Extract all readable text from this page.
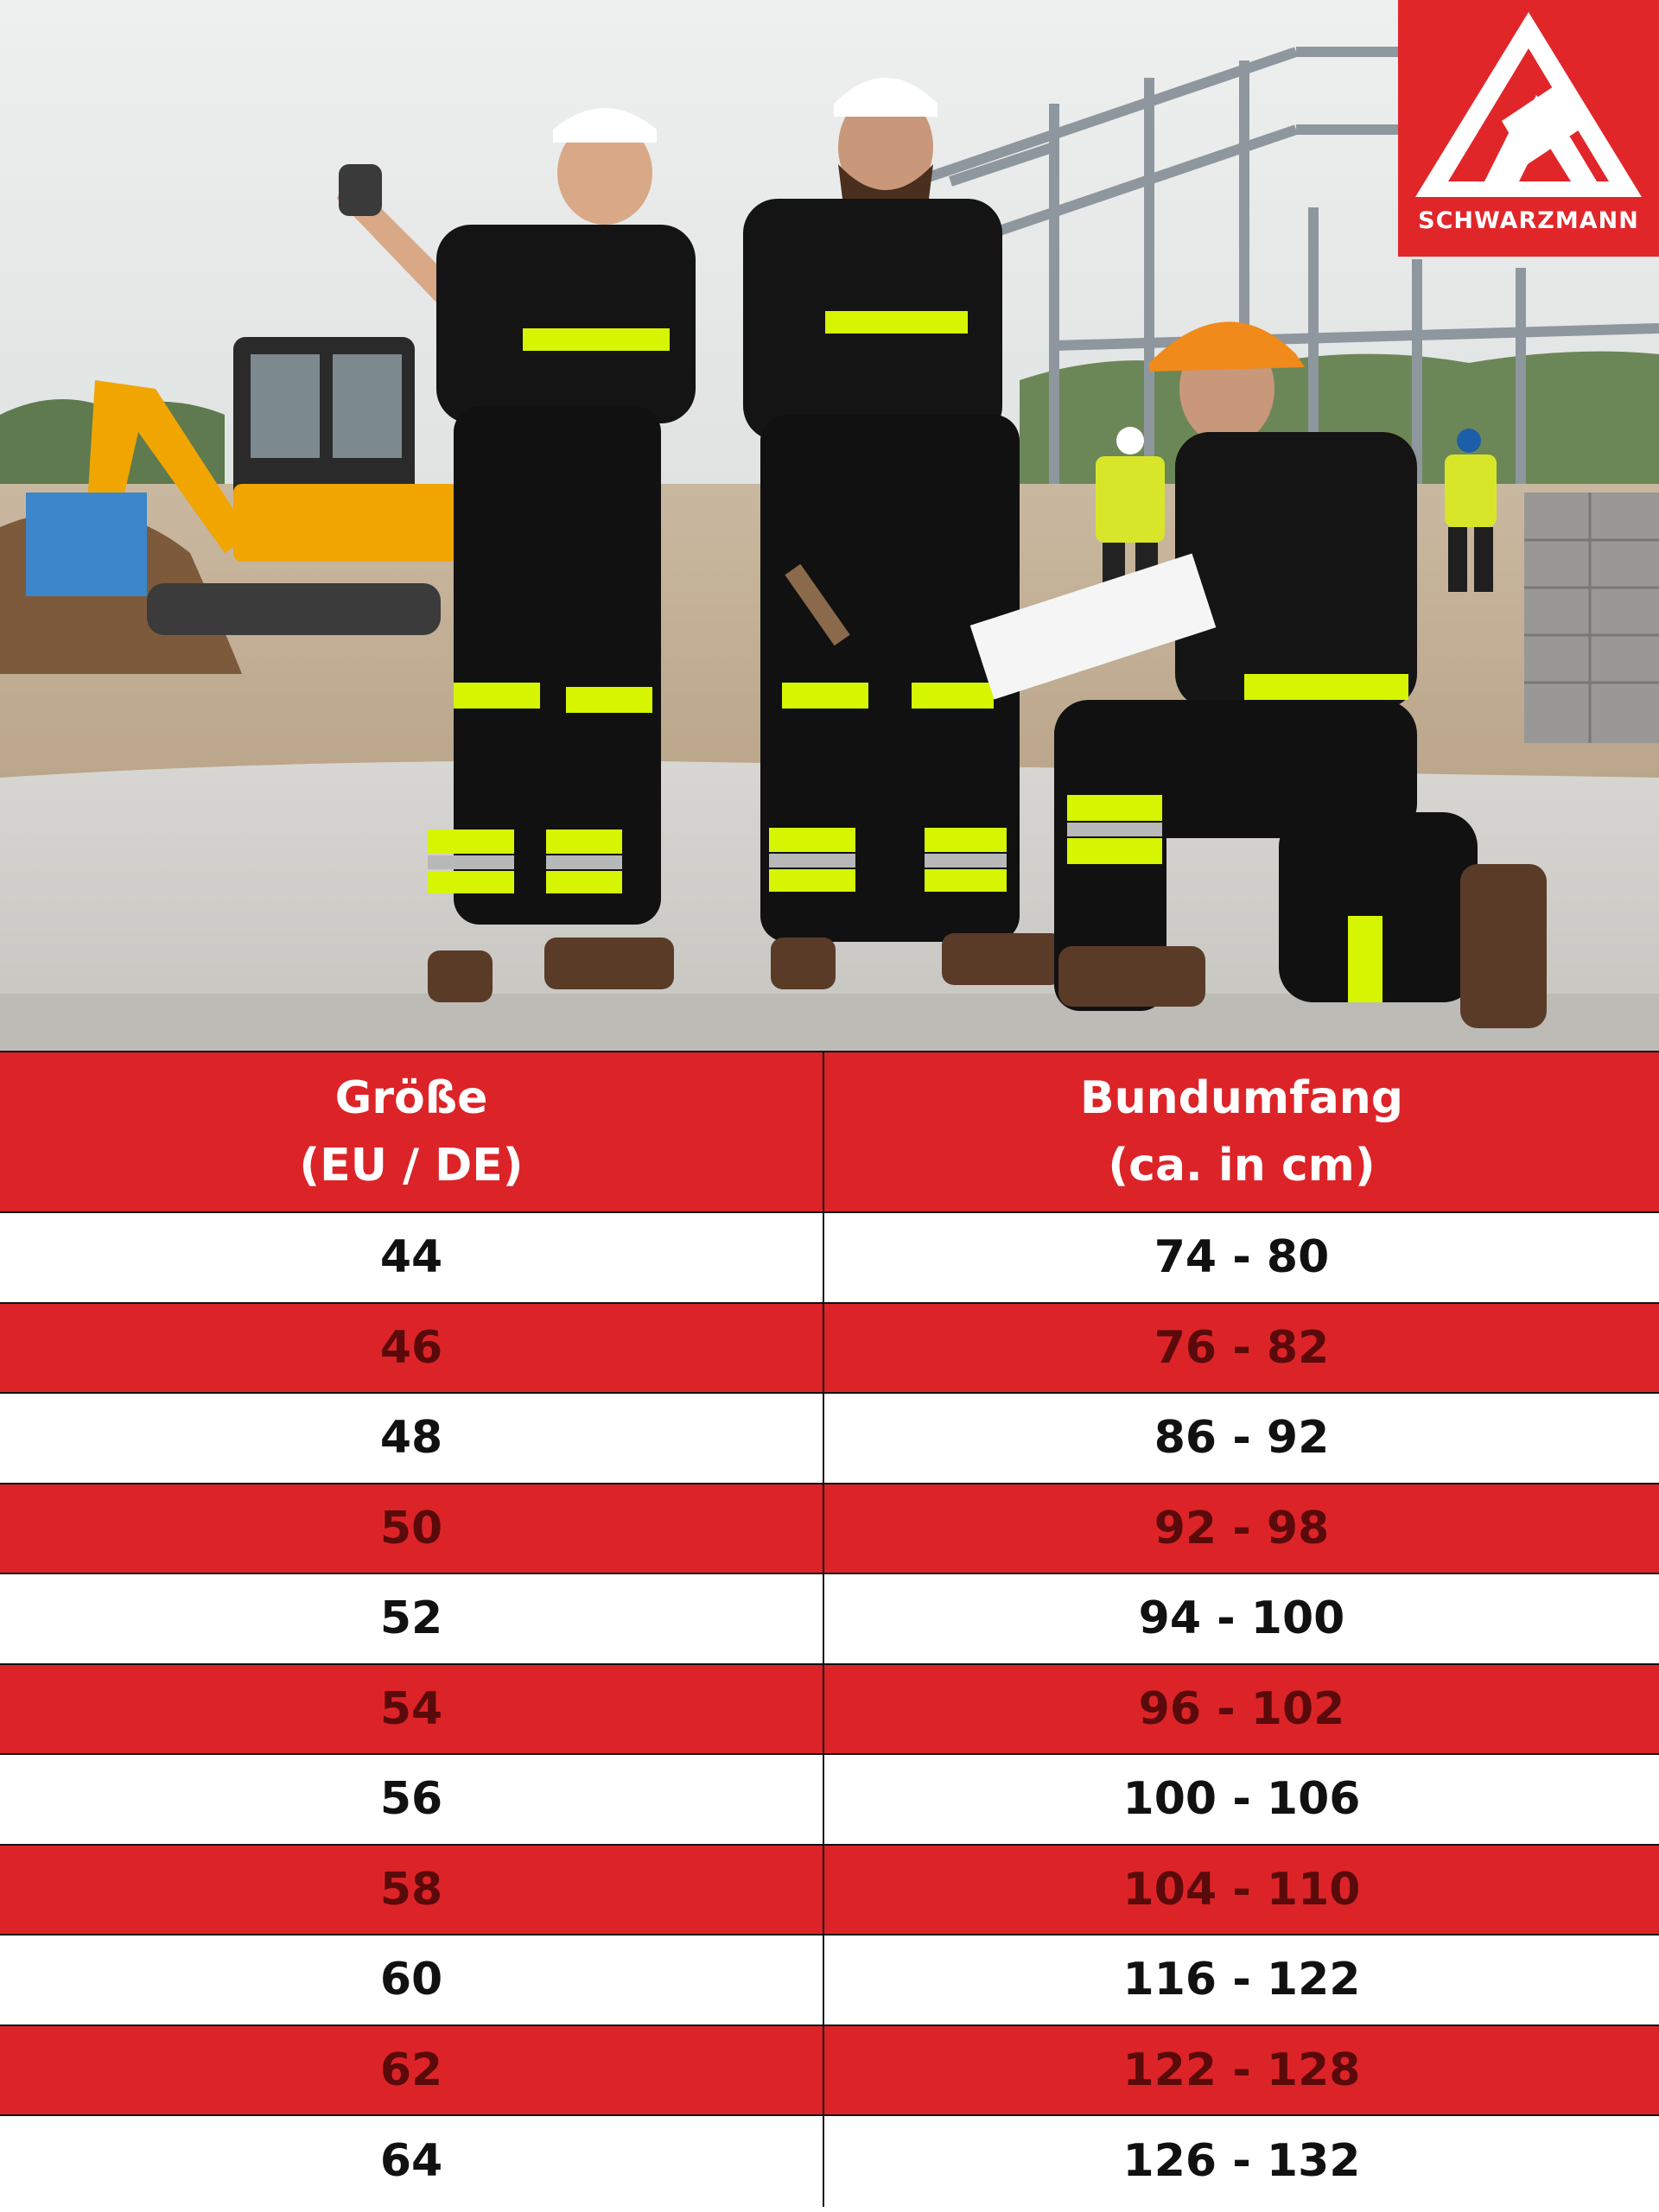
SCHWARZMANN
Größe
(EU / DE)
Bundumfang
(ca. in cm)
44	74 - 80
46	76 - 82
48	86 - 92
50	92 - 98
52	94 - 100
54	96 - 102
56	100 - 106
58	104 - 110
60	116 - 122
62	122 - 128
64	126 - 132
